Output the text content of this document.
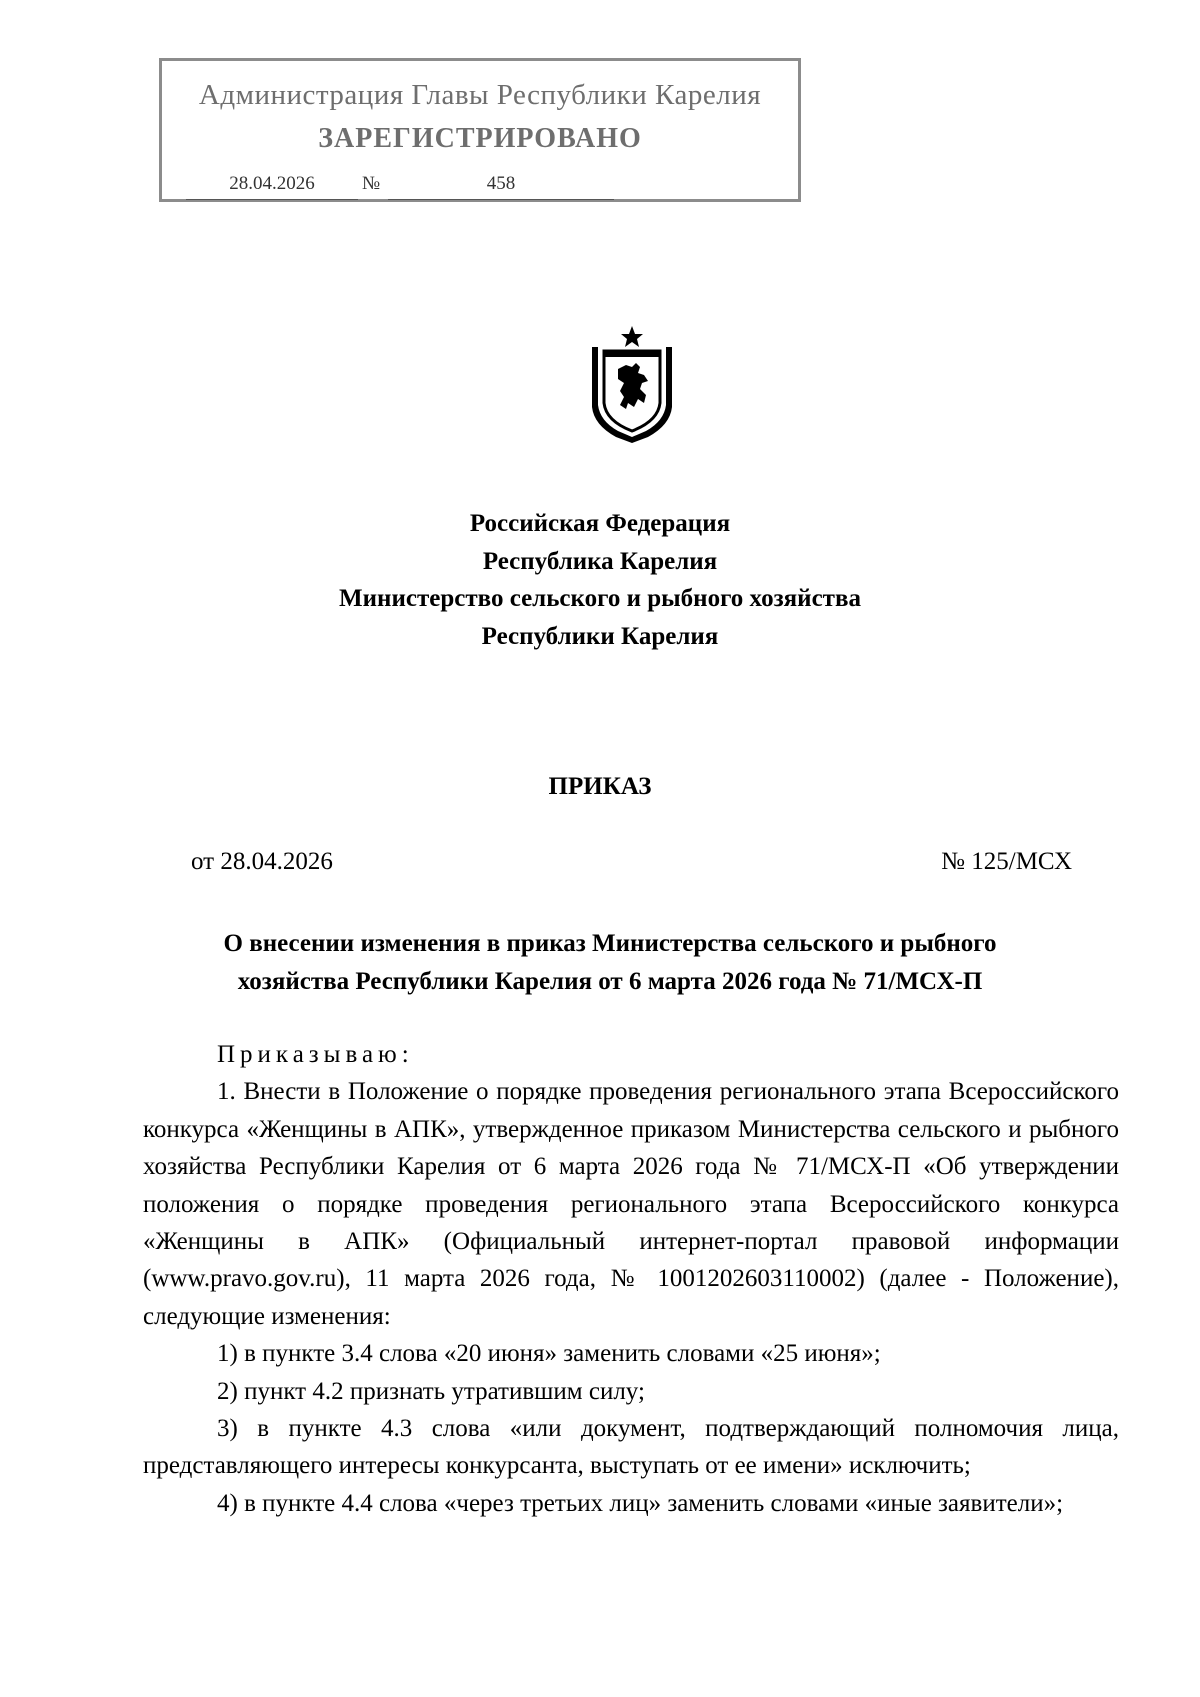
Администрация Главы Республики Карелия
ЗАРЕГИСТРИРОВАНО
28.04.2026	№	458
Российская Федерация
Республика Карелия
Министерство сельского и рыбного хозяйства
Республики Карелия
ПРИКАЗ
от 28.04.2026	№ 125/МСХ
О внесении изменения в приказ Министерства сельского и рыбного
хозяйства Республики Карелия от 6 марта 2026 года № 71/МСХ-П

Приказываю:

1. Внести в Положение о порядке проведения регионального этапа Всероссийского конкурса «Женщины в АПК», утвержденное приказом Министерства сельского и рыбного хозяйства Республики Карелия от 6 марта 2026 года № 71/МСХ-П «Об утверждении положения о порядке проведения регионального этапа Всероссийского конкурса «Женщины в АПК» (Официальный интернет-портал правовой информации (www.pravo.gov.ru), 11 марта 2026 года, № 1001202603110002) (далее - Положение), следующие изменения:

1) в пункте 3.4 слова «20 июня» заменить словами «25 июня»;

2) пункт 4.2 признать утратившим силу;

3) в пункте 4.3 слова «или документ, подтверждающий полномочия лица, представляющего интересы конкурсанта, выступать от ее имени» исключить;

4) в пункте 4.4 слова «через третьих лиц» заменить словами «иные заявители»;
